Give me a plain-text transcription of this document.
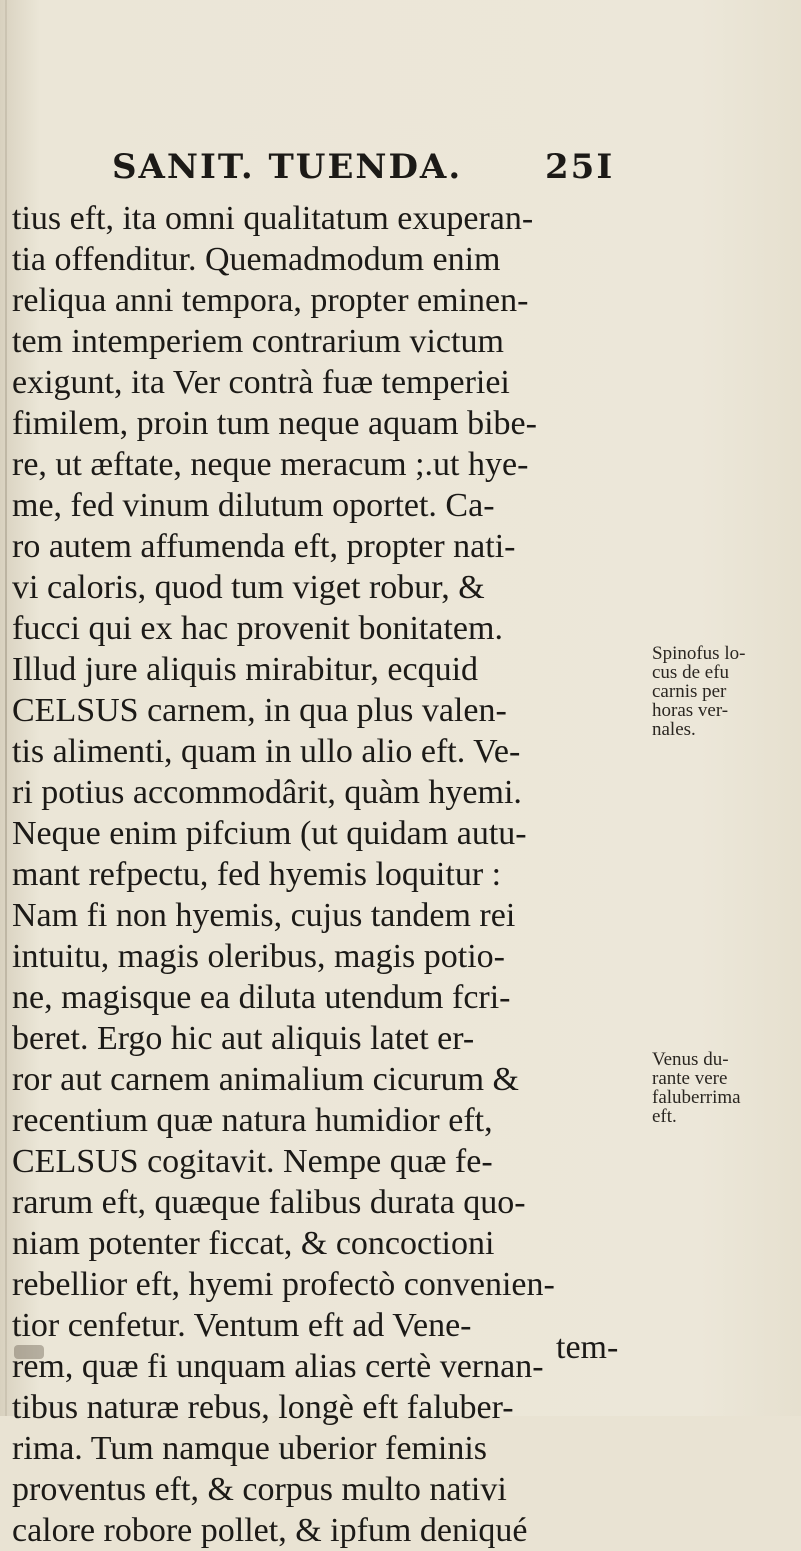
SANIT. TUENDA. 25I
tius eft, ita omni qualitatum exuperan-
tia offenditur. Quemadmodum enim
reliqua anni tempora, propter eminen-
tem intemperiem contrarium victum
exigunt, ita Ver contrà fuæ temperiei
fimilem, proin tum neque aquam bibe-
re, ut æftate, neque meracum ;.ut hye-
me, fed vinum dilutum oportet. Ca-
ro autem affumenda eft, propter nati-
vi caloris, quod tum viget robur, &
fucci qui ex hac provenit bonitatem.
Illud jure aliquis mirabitur, ecquid
CELSUS carnem, in qua plus valen-
tis alimenti, quam in ullo alio eft. Ve-
ri potius accommodârit, quàm hyemi.
Neque enim pifcium (ut quidam autu-
mant refpectu, fed hyemis loquitur :
Nam fi non hyemis, cujus tandem rei
intuitu, magis oleribus, magis potio-
ne, magisque ea diluta utendum fcri-
beret. Ergo hic aut aliquis latet er-
ror aut carnem animalium cicurum &
recentium quæ natura humidior eft,
CELSUS cogitavit. Nempe quæ fe-
rarum eft, quæque falibus durata quo-
niam potenter ficcat, & concoctioni
rebellior eft, hyemi profectò convenien-
tior cenfetur. Ventum eft ad Vene-
rem, quæ fi unquam alias certè vernan-
tibus naturæ rebus, longè eft faluber-
rima. Tum namque uberior feminis
proventus eft, & corpus multo nativi
calore robore pollet, & ipfum deniqué
tem-
Spinofus lo-
cus de efu
carnis per
horas ver-
nales.
Venus du-
rante vere
faluberrima
eft.
